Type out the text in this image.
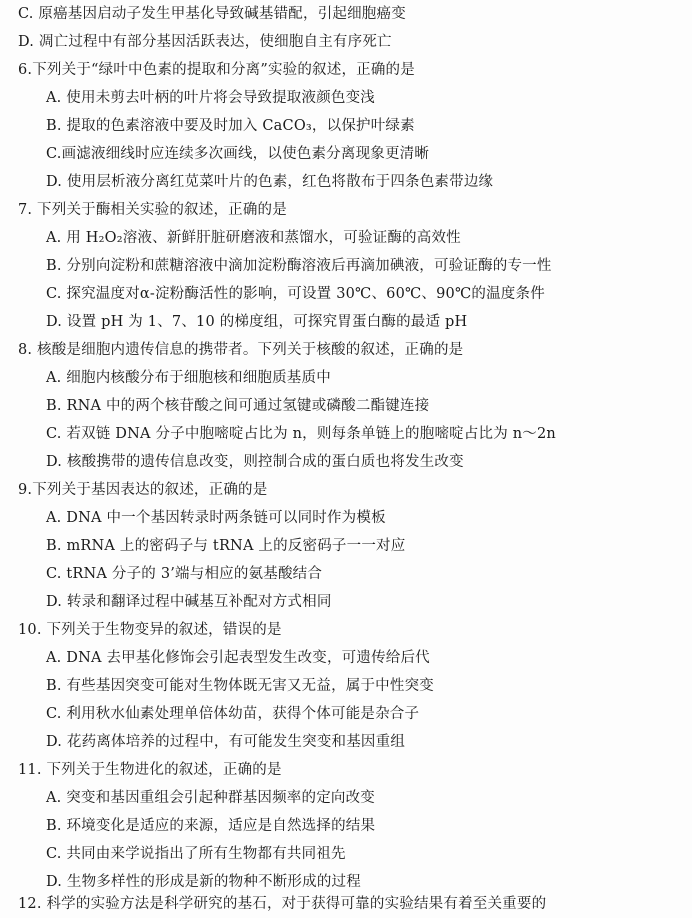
C. 原癌基因启动子发生甲基化导致碱基错配，引起细胞癌变
D. 凋亡过程中有部分基因活跃表达，使细胞自主有序死亡
6.下列关于“绿叶中色素的提取和分离”实验的叙述，正确的是
A. 使用未剪去叶柄的叶片将会导致提取液颜色变浅
B. 提取的色素溶液中要及时加入 CaCO₃，以保护叶绿素
C.画滤液细线时应连续多次画线，以使色素分离现象更清晰
D. 使用层析液分离红苋菜叶片的色素，红色将散布于四条色素带边缘
7. 下列关于酶相关实验的叙述，正确的是
A. 用 H₂O₂溶液、新鲜肝脏研磨液和蒸馏水，可验证酶的高效性
B. 分别向淀粉和蔗糖溶液中滴加淀粉酶溶液后再滴加碘液，可验证酶的专一性
C. 探究温度对α-淀粉酶活性的影响，可设置 30℃、60℃、90℃的温度条件
D. 设置 pH 为 1、7、10 的梯度组，可探究胃蛋白酶的最适 pH
8. 核酸是细胞内遗传信息的携带者。下列关于核酸的叙述，正确的是
A. 细胞内核酸分布于细胞核和细胞质基质中
B. RNA 中的两个核苷酸之间可通过氢键或磷酸二酯键连接
C. 若双链 DNA 分子中胞嘧啶占比为 n，则每条单链上的胞嘧啶占比为 n～2n
D. 核酸携带的遗传信息改变，则控制合成的蛋白质也将发生改变
9.下列关于基因表达的叙述，正确的是
A. DNA 中一个基因转录时两条链可以同时作为模板
B. mRNA 上的密码子与 tRNA 上的反密码子一一对应
C. tRNA 分子的 3’端与相应的氨基酸结合
D. 转录和翻译过程中碱基互补配对方式相同
10. 下列关于生物变异的叙述，错误的是
A. DNA 去甲基化修饰会引起表型发生改变，可遗传给后代
B. 有些基因突变可能对生物体既无害又无益，属于中性突变
C. 利用秋水仙素处理单倍体幼苗，获得个体可能是杂合子
D. 花药离体培养的过程中，有可能发生突变和基因重组
11. 下列关于生物进化的叙述，正确的是
A. 突变和基因重组会引起种群基因频率的定向改变
B. 环境变化是适应的来源，适应是自然选择的结果
C. 共同由来学说指出了所有生物都有共同祖先
D. 生物多样性的形成是新的物种不断形成的过程
12. 科学的实验方法是科学研究的基石，对于获得可靠的实验结果有着至关重要的
